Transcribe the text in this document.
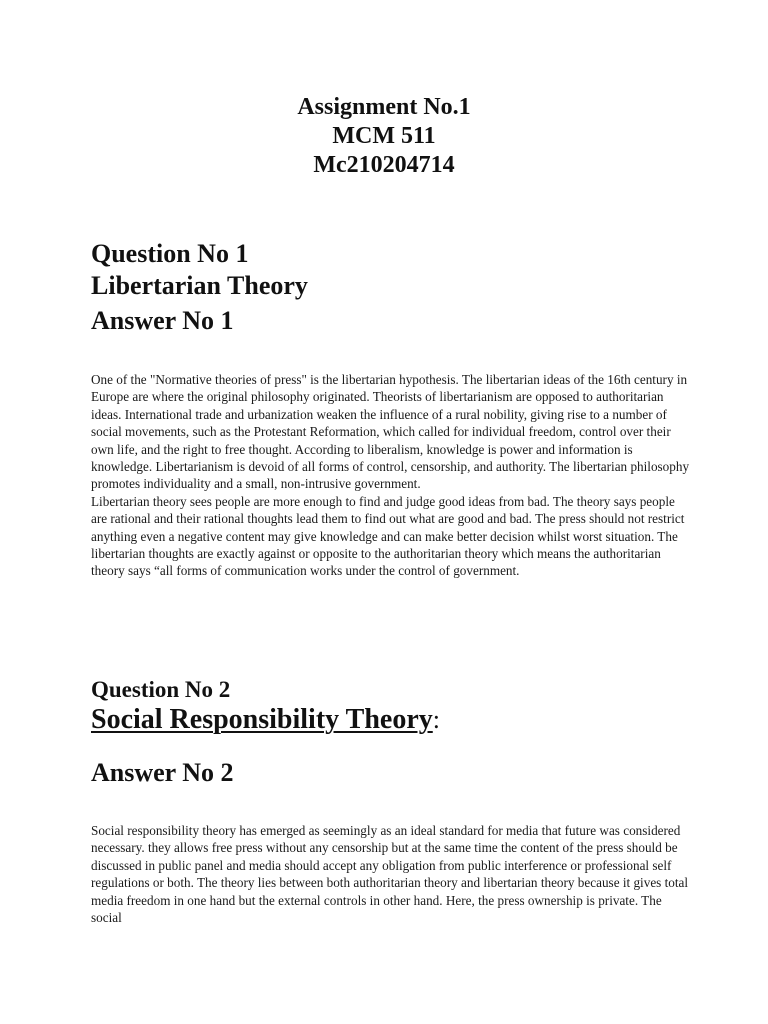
Assignment No.1
MCM 511
Mc210204714
Question No 1
Libertarian Theory
Answer No 1

One of the "Normative theories of press" is the libertarian hypothesis. The libertarian ideas of the 16th century in Europe are where the original philosophy originated. Theorists of libertarianism are opposed to authoritarian ideas. International trade and urbanization weaken the influence of a rural nobility, giving rise to a number of social movements, such as the Protestant Reformation, which called for individual freedom, control over their own life, and the right to free thought. According to liberalism, knowledge is power and information is knowledge. Libertarianism is devoid of all forms of control, censorship, and authority. The libertarian philosophy promotes individuality and a small, non-intrusive government.

Libertarian theory sees people are more enough to find and judge good ideas from bad. The theory says people are rational and their rational thoughts lead them to find out what are good and bad. The press should not restrict anything even a negative content may give knowledge and can make better decision whilst worst situation. The libertarian thoughts are exactly against or opposite to the authoritarian theory which means the authoritarian theory says “all forms of communication works under the control of government.

Question No 2
Social Responsibility Theory:
Answer No 2

Social responsibility theory has emerged as seemingly as an ideal standard for media that future was considered necessary. they allows free press without any censorship but at the same time the content of the press should be discussed in public panel and media should accept any obligation from public interference or professional self regulations or both. The theory lies between both authoritarian theory and libertarian theory because it gives total media freedom in one hand but the external controls in other hand. Here, the press ownership is private. The social
